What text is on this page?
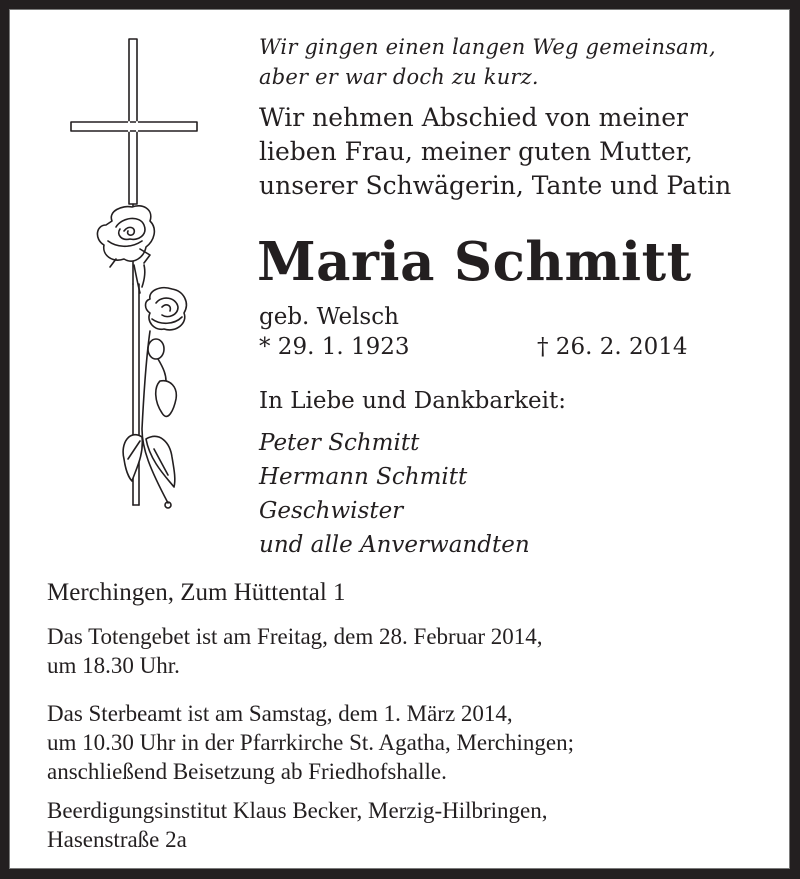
Wir gingen einen langen Weg gemeinsam,
aber er war doch zu kurz.
Wir nehmen Abschied von meiner
lieben Frau, meiner guten Mutter,
unserer Schwägerin, Tante und Patin
Maria Schmitt
geb. Welsch
* 29. 1. 1923	† 26. 2. 2014
In Liebe und Dankbarkeit:
Peter Schmitt
Hermann Schmitt
Geschwister
und alle Anverwandten
Merchingen, Zum Hüttental 1
Das Totengebet ist am Freitag, dem 28. Februar 2014,
um 18.30 Uhr.
Das Sterbeamt ist am Samstag, dem 1. März 2014,
um 10.30 Uhr in der Pfarrkirche St. Agatha, Merchingen;
anschließend Beisetzung ab Friedhofshalle.
Beerdigungsinstitut Klaus Becker, Merzig-Hilbringen,
Hasenstraße 2a
